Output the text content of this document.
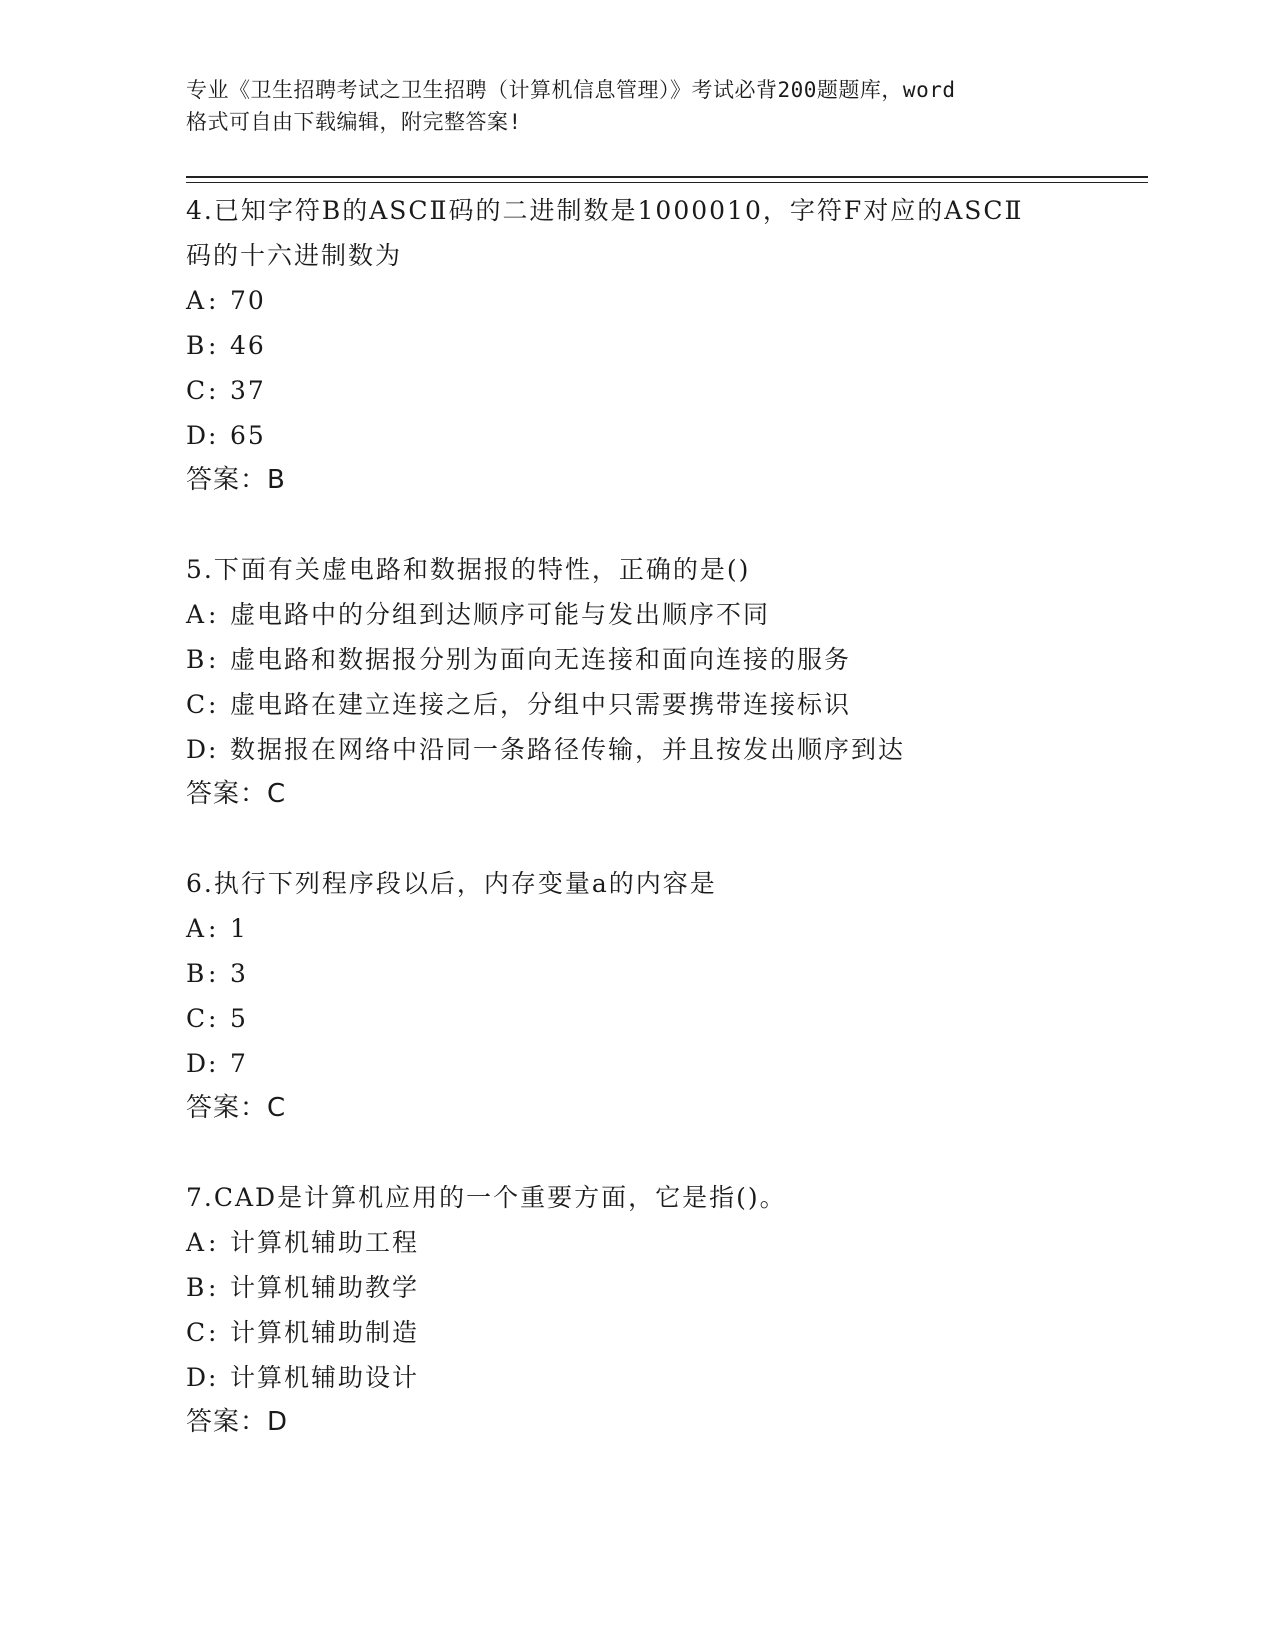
专业《卫生招聘考试之卫生招聘（计算机信息管理）》考试必背200题题库，word
格式可自由下载编辑，附完整答案!
4.已知字符B的ASCⅡ码的二进制数是1000010，字符F对应的ASCⅡ
码的十六进制数为
A: 70
B: 46
C: 37
D: 65
答案：B
5.下面有关虚电路和数据报的特性，正确的是()
A: 虚电路中的分组到达顺序可能与发出顺序不同
B: 虚电路和数据报分别为面向无连接和面向连接的服务
C: 虚电路在建立连接之后，分组中只需要携带连接标识
D: 数据报在网络中沿同一条路径传输，并且按发出顺序到达
答案：C
6.执行下列程序段以后，内存变量a的内容是
A: 1
B: 3
C: 5
D: 7
答案：C
7.CAD是计算机应用的一个重要方面，它是指()。
A: 计算机辅助工程
B: 计算机辅助教学
C: 计算机辅助制造
D: 计算机辅助设计
答案：D
